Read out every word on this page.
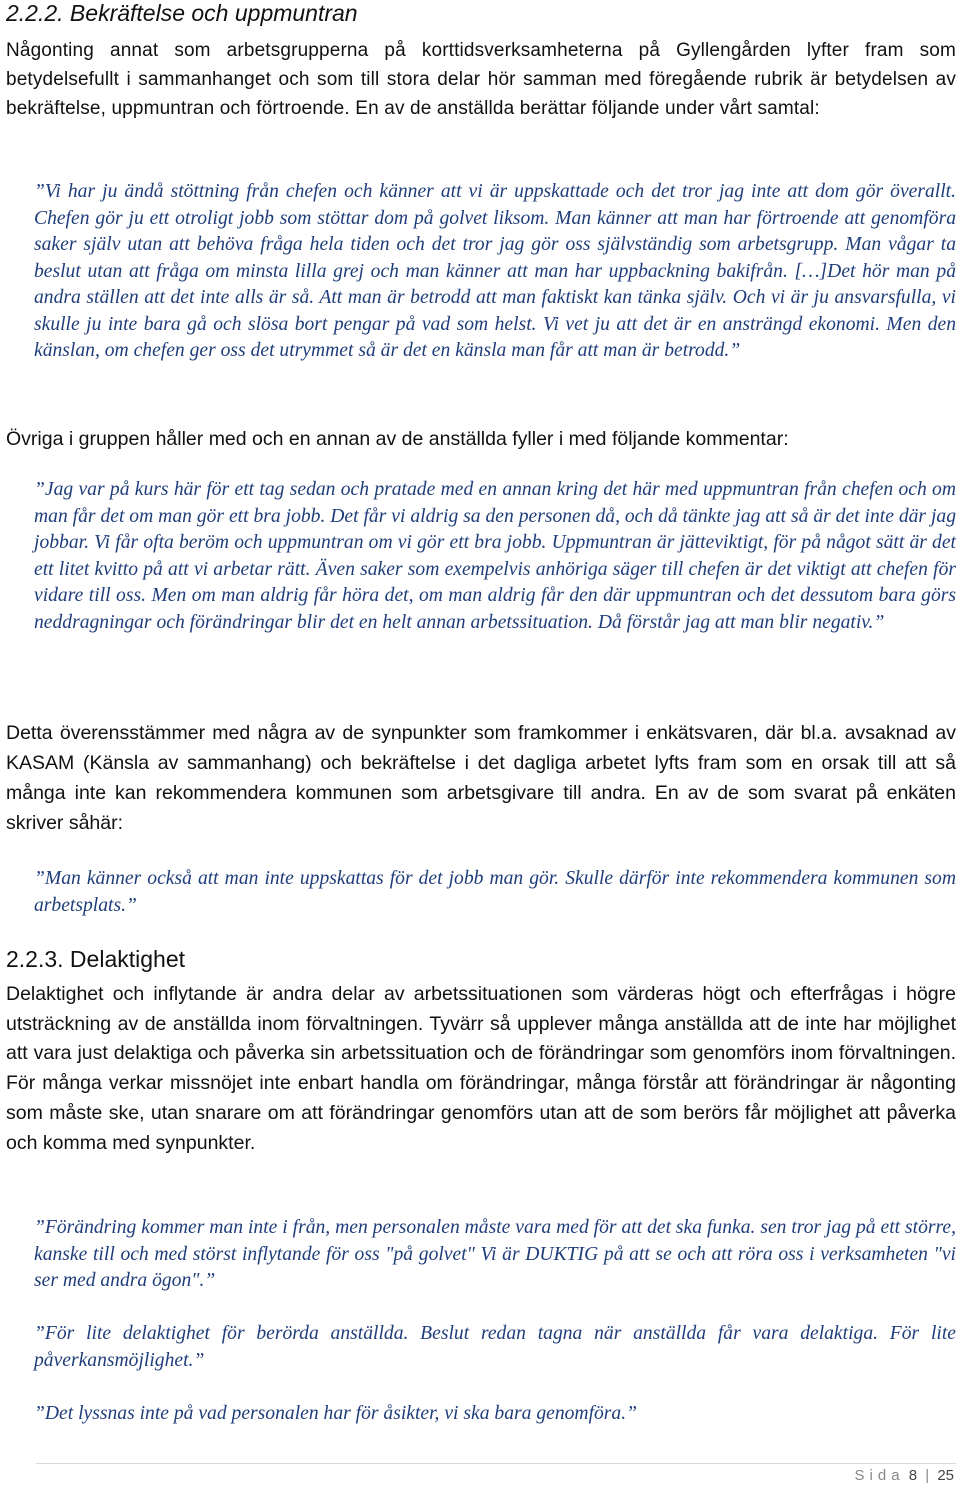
2.2.2. Bekräftelse och uppmuntran

Någonting annat som arbetsgrupperna på korttidsverksamheterna på Gyllengården lyfter fram som betydelsefullt i sammanhanget och som till stora delar hör samman med föregående rubrik är betydelsen av bekräftelse, uppmuntran och förtroende. En av de anställda berättar följande under vårt samtal:

”Vi har ju ändå stöttning från chefen och känner att vi är uppskattade och det tror jag inte att dom gör överallt. Chefen gör ju ett otroligt jobb som stöttar dom på golvet liksom. Man känner att man har förtroende att genomföra saker själv utan att behöva fråga hela tiden och det tror jag gör oss självständig som arbetsgrupp. Man vågar ta beslut utan att fråga om minsta lilla grej och man känner att man har uppbackning bakifrån. […]Det hör man på andra ställen att det inte alls är så. Att man är betrodd att man faktiskt kan tänka själv. Och vi är ju ansvarsfulla, vi skulle ju inte bara gå och slösa bort pengar på vad som helst. Vi vet ju att det är en ansträngd ekonomi. Men den känslan, om chefen ger oss det utrymmet så är det en känsla man får att man är betrodd.”

Övriga i gruppen håller med och en annan av de anställda fyller i med följande kommentar:

”Jag var på kurs här för ett tag sedan och pratade med en annan kring det här med uppmuntran från chefen och om man får det om man gör ett bra jobb. Det får vi aldrig sa den personen då, och då tänkte jag att så är det inte där jag jobbar. Vi får ofta beröm och uppmuntran om vi gör ett bra jobb. Uppmuntran är jätteviktigt, för på något sätt är det ett litet kvitto på att vi arbetar rätt. Även saker som exempelvis anhöriga säger till chefen är det viktigt att chefen för vidare till oss. Men om man aldrig får höra det, om man aldrig får den där uppmuntran och det dessutom bara görs neddragningar och förändringar blir det en helt annan arbetssituation. Då förstår jag att man blir negativ.”

Detta överensstämmer med några av de synpunkter som framkommer i enkätsvaren, där bl.a. avsaknad av KASAM (Känsla av sammanhang) och bekräftelse i det dagliga arbetet lyfts fram som en orsak till att så många inte kan rekommendera kommunen som arbetsgivare till andra. En av de som svarat på enkäten skriver såhär:

”Man känner också att man inte uppskattas för det jobb man gör. Skulle därför inte rekommendera kommunen som arbetsplats.”

2.2.3. Delaktighet

Delaktighet och inflytande är andra delar av arbetssituationen som värderas högt och efterfrågas i högre utsträckning av de anställda inom förvaltningen. Tyvärr så upplever många anställda att de inte har möjlighet att vara just delaktiga och påverka sin arbetssituation och de förändringar som genomförs inom förvaltningen. För många verkar missnöjet inte enbart handla om förändringar, många förstår att förändringar är någonting som måste ske, utan snarare om att förändringar genomförs utan att de som berörs får möjlighet att påverka och komma med synpunkter.

”Förändring kommer man inte i från, men personalen måste vara med för att det ska funka. sen tror jag på ett större, kanske till och med störst inflytande för oss "på golvet" Vi är DUKTIG på att se och att röra oss i verksamheten "vi ser med andra ögon".”

”För lite delaktighet för berörda anställda. Beslut redan tagna när anställda får vara delaktiga. För lite påverkansmöjlighet.”

”Det lyssnas inte på vad personalen har för åsikter, vi ska bara genomföra.”

Sida 8 | 25
